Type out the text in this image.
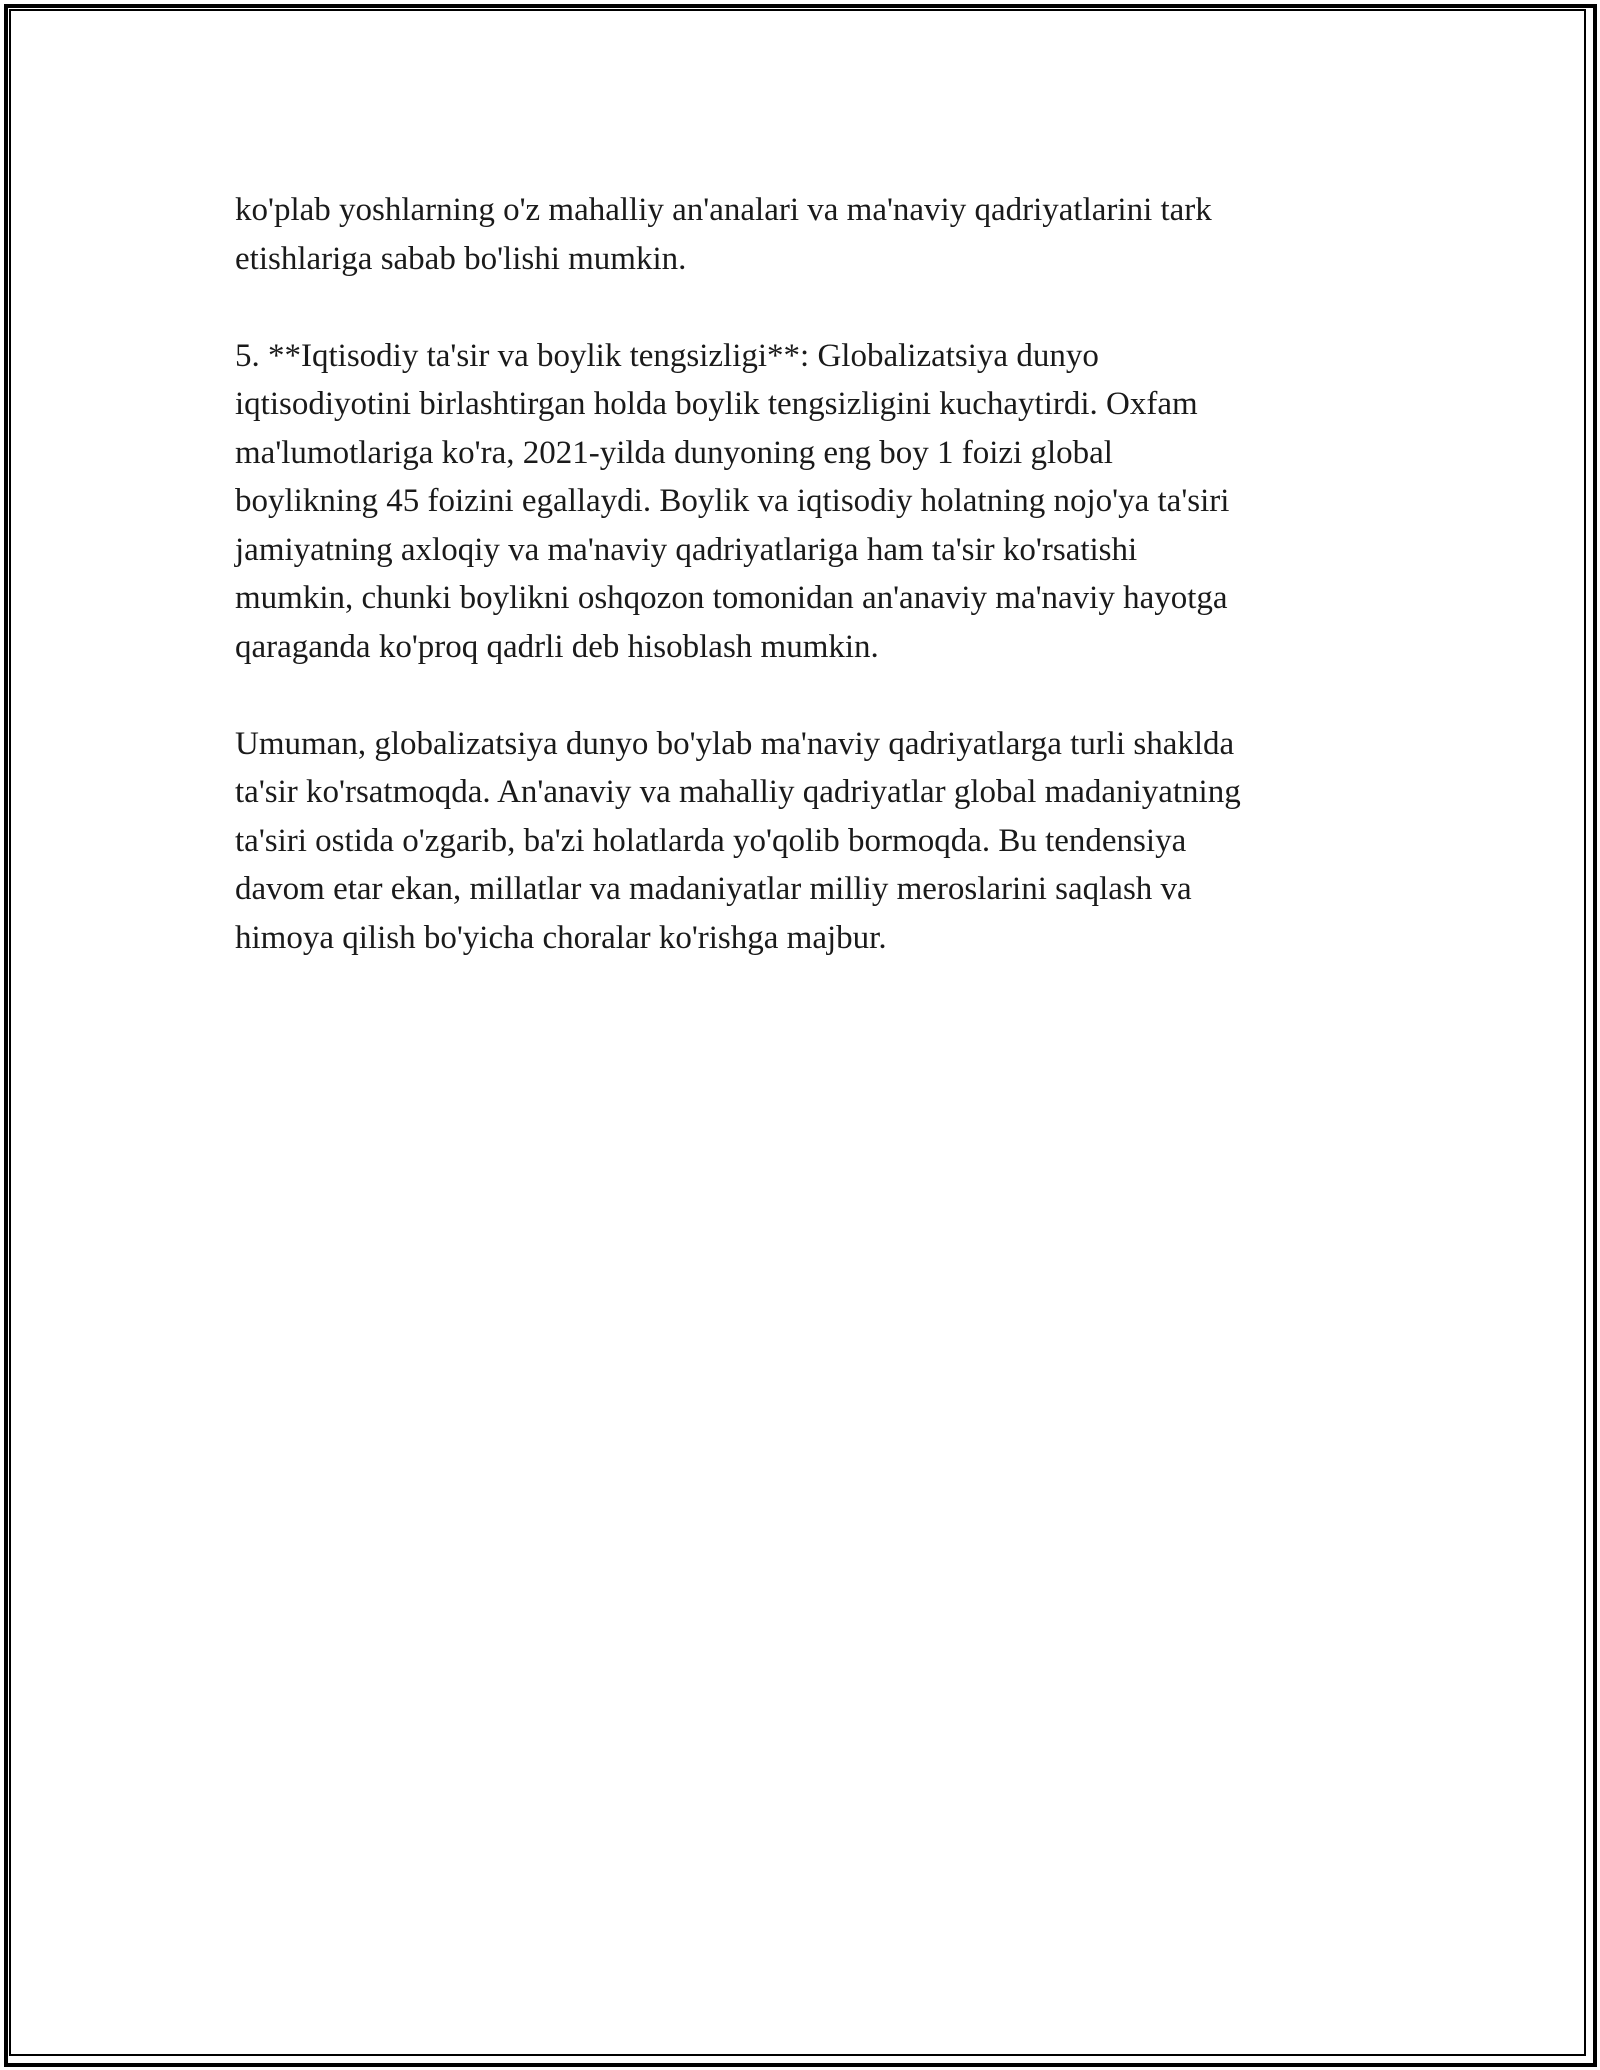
ko'plab yoshlarning o'z mahalliy an'analari va ma'naviy qadriyatlarini tark
etishlariga sabab bo'lishi mumkin.

5. **Iqtisodiy ta'sir va boylik tengsizligi**: Globalizatsiya dunyo
iqtisodiyotini birlashtirgan holda boylik tengsizligini kuchaytirdi. Oxfam
ma'lumotlariga ko'ra, 2021-yilda dunyoning eng boy 1 foizi global
boylikning 45 foizini egallaydi. Boylik va iqtisodiy holatning nojo'ya ta'siri
jamiyatning axloqiy va ma'naviy qadriyatlariga ham ta'sir ko'rsatishi
mumkin, chunki boylikni oshqozon tomonidan an'anaviy ma'naviy hayotga
qaraganda ko'proq qadrli deb hisoblash mumkin.

Umuman, globalizatsiya dunyo bo'ylab ma'naviy qadriyatlarga turli shaklda
ta'sir ko'rsatmoqda. An'anaviy va mahalliy qadriyatlar global madaniyatning
ta'siri ostida o'zgarib, ba'zi holatlarda yo'qolib bormoqda. Bu tendensiya
davom etar ekan, millatlar va madaniyatlar milliy meroslarini saqlash va
himoya qilish bo'yicha choralar ko'rishga majbur.
